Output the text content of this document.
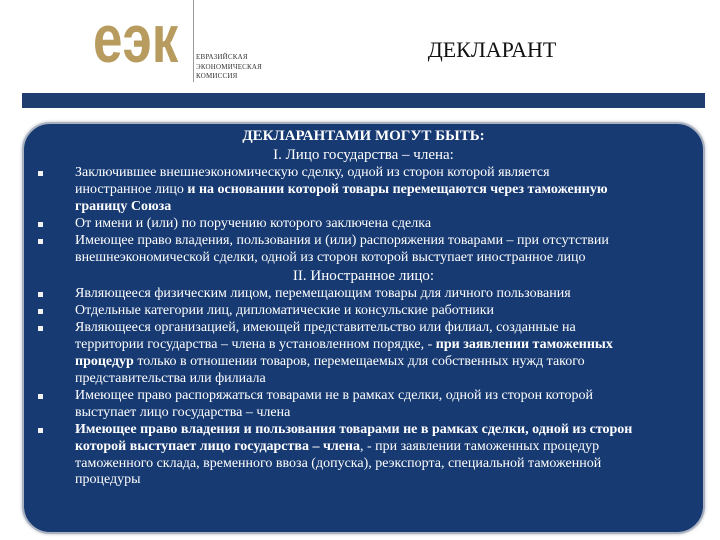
еэк	ЕВРАЗИЙСКАЯ
ЭКОНОМИЧЕСКАЯ
КОМИССИЯ
ДЕКЛАРАНТ
ДЕКЛАРАНТАМИ МОГУТ БЫТЬ:
I. Лицо государства – члена:
Заключившее внешнеэкономическую сделку, одной из сторон которой является
иностранное лицо и на основании которой товары перемещаются через таможенную
границу Союза
От имени и (или) по поручению которого заключена сделка
Имеющее право владения, пользования и (или) распоряжения товарами – при отсутствии
внешнеэкономической сделки, одной из сторон которой выступает иностранное лицо
II. Иностранное лицо:
Являющееся физическим лицом, перемещающим товары для личного пользования
Отдельные категории лиц, дипломатические и консульские работники
Являющееся организацией, имеющей представительство или филиал, созданные на
территории государства – члена в установленном порядке, - при заявлении таможенных
процедур только в отношении товаров, перемещаемых для собственных нужд такого
представительства или филиала
Имеющее право распоряжаться товарами не в рамках сделки, одной из сторон которой
выступает лицо государства – члена
Имеющее право владения и пользования товарами не в рамках сделки, одной из сторон
которой выступает лицо государства – члена, - при заявлении таможенных процедур
таможенного склада, временного ввоза (допуска), реэкспорта, специальной таможенной
процедуры
